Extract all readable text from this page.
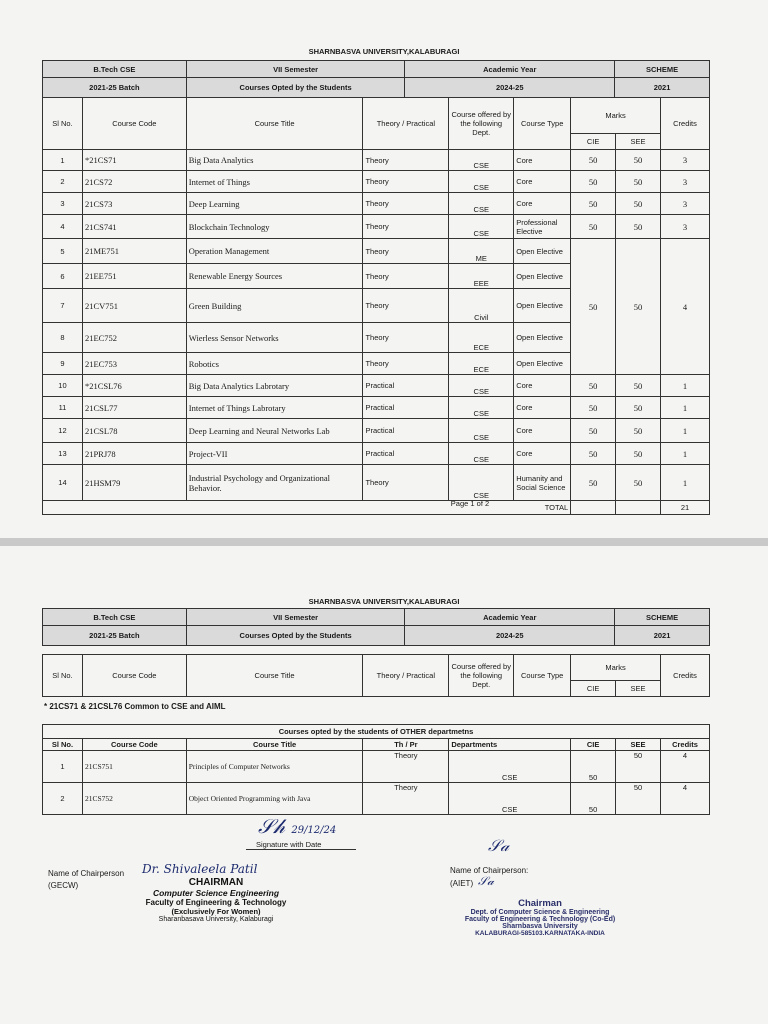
SHARNBASVA UNIVERSITY,KALABURAGI
B.Tech CSE	VII Semester	Academic Year	SCHEME
2021-25 Batch	Courses Opted by the Students	2024-25	2021
Sl No.	Course Code	Course Title	Theory / Practical	Course offered by the following Dept.	Course Type	Marks		Credits
						CIE	SEE	
1	*21CS71	Big Data Analytics	Theory	CSE	Core	50	50	3
2	21CS72	Internet of Things	Theory	CSE	Core	50	50	3
3	21CS73	Deep Learning	Theory	CSE	Core	50	50	3
4	21CS741	Blockchain Technology	Theory	CSE	Professional Elective	50	50	3
5	21ME751	Operation Management	Theory	ME	Open Elective	50	50	4
6	21EE751	Renewable Energy Sources	Theory	EEE	Open Elective			
7	21CV751	Green Building	Theory	Civil	Open Elective			
8	21EC752	Wierless Sensor Networks	Theory	ECE	Open Elective			
9	21EC753	Robotics	Theory	ECE	Open Elective			
10	*21CSL76	Big Data Analytics Labrotary	Practical	CSE	Core	50	50	1
11	21CSL77	Internet of Things Labrotary	Practical	CSE	Core	50	50	1
12	21CSL78	Deep Learning and Neural Networks Lab	Practical	CSE	Core	50	50	1
13	21PRJ78	Project-VII	Practical	CSE	Core	50	50	1
14	21HSM79	Industrial Psychology and Organizational Behavior.	Theory	CSE	Humanity and Social Science	50	50	1

				Page 1 of 2 TOTAL				21
SHARNBASVA UNIVERSITY,KALABURAGI
B.Tech CSE	VII Semester	Academic Year	SCHEME
2021-25 Batch	Courses Opted by the Students	2024-25	2021
Sl No.	Course Code	Course Title	Theory / Practical	Course offered by the following Dept.	Course Type	Marks		Credits
						CIE	SEE	
* 21CS71 & 21CSL76 Common to CSE and AIML
Courses opted by the students of OTHER departmetns							
Sl No.	Course Code	Course Title	Th / Pr	Departments	CIE	SEE	Credits
1	21CS751	Principles of Computer Networks	Theory	CSE	50	50	4
2	21CS752	Object Oriented Programming with Java	Theory	CSE	50	50	4
𝒮𝒽 29/12/24
Signature with Date
Name of Chairperson Dr. Shivaleela Patil
(GECW)	CHAIRMAN
Computer Science Engineering
Faculty of Engineering & Technology
(Exclusively For Women)
Sharanbasava University, Kalaburagi
𝒮𝒶
Name of Chairperson:
(AIET) 𝒮𝒶
Chairman
Dept. of Computer Science & Engineering
Faculty of Engineering & Technology (Co-Ed)
Sharnbasva University
KALABURAGI-585103.KARNATAKA-INDIA
